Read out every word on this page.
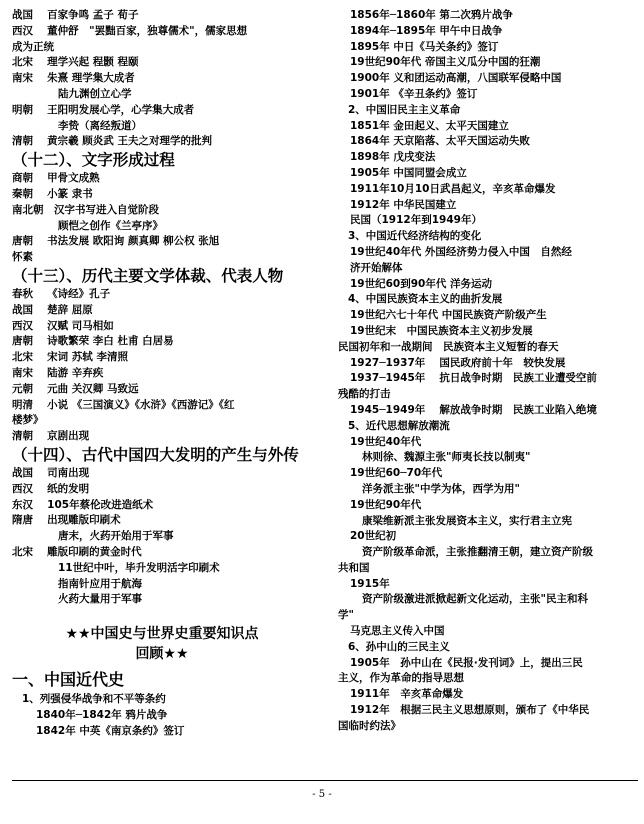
战国　 百家争鸣 孟子 荀子
西汉　 董仲舒　"罢黜百家，独尊儒术"，儒家思想
成为正统
北宋　 理学兴起 程颢 程颐
南宋　 朱熹 理学集大成者
陆九渊创立心学
明朝　 王阳明发展心学，心学集大成者
李贽（离经叛道）
清朝　 黄宗羲 顾炎武 王夫之对理学的批判
（十二）、文字形成过程
商朝　 甲骨文成熟
秦朝　 小篆 隶书
南北朝　汉字书写进入自觉阶段
顾恺之创作《兰亭序》
唐朝　 书法发展 欧阳询 颜真卿 柳公权 张旭
怀素
（十三）、历代主要文学体裁、代表人物
春秋　 《诗经》孔子
战国　 楚辞 屈原
西汉　 汉赋 司马相如
唐朝　 诗歌繁荣 李白 杜甫 白居易
北宋　 宋词 苏轼 李清照
南宋　 陆游 辛弃疾
元朝　 元曲 关汉卿 马致远
明清　 小说 《三国演义》《水浒》《西游记》《红
楼梦》
清朝　 京剧出现
（十四）、古代中国四大发明的产生与外传
战国　 司南出现
西汉　 纸的发明
东汉　 105年蔡伦改进造纸术
隋唐　 出现雕版印刷术
唐末，火药开始用于军事
北宋　 雕版印刷的黄金时代
11世纪中叶，毕升发明活字印刷术
指南针应用于航海
火药大量用于军事
★★中国史与世界史重要知识点
回顾★★
一、中国近代史
1、列强侵华战争和不平等条约
1840年─1842年 鸦片战争
1842年 中英《南京条约》签订
1856年─1860年 第二次鸦片战争
1894年─1895年 甲午中日战争
1895年 中日《马关条约》签订
19世纪90年代 帝国主义瓜分中国的狂潮
1900年 义和团运动高潮，八国联军侵略中国
1901年 《辛丑条约》签订
2、中国旧民主主义革命
1851年 金田起义、太平天国建立
1864年 天京陷落、太平天国运动失败
1898年 戊戌变法
1905年 中国同盟会成立
1911年10月10日武昌起义，辛亥革命爆发
1912年 中华民国建立
民国（1912年到1949年）
3、中国近代经济结构的变化
19世纪40年代 外国经济势力侵入中国　自然经
济开始解体
19世纪60到90年代 洋务运动
4、中国民族资本主义的曲折发展
19世纪六七十年代 中国民族资产阶级产生
19世纪末　中国民族资本主义初步发展
民国初年和一战期间　民族资本主义短暂的春天
1927─1937年　 国民政府前十年　较快发展
1937─1945年　 抗日战争时期　民族工业遭受空前
残酷的打击
1945─1949年　 解放战争时期　民族工业陷入绝境
5、近代思想解放潮流
19世纪40年代
林则徐、魏源主张"师夷长技以制夷"
19世纪60─70年代
洋务派主张"中学为体，西学为用"
19世纪90年代
康梁维新派主张发展资本主义，实行君主立宪
20世纪初
资产阶级革命派，主张推翻清王朝，建立资产阶级
共和国
1915年
资产阶级激进派掀起新文化运动，主张"民主和科
学"
马克思主义传入中国
6、孙中山的三民主义
1905年　孙中山在《民报·发刊词》上，提出三民
主义，作为革命的指导思想
1911年　辛亥革命爆发
1912年　根据三民主义思想原则，颁布了《中华民
国临时约法》
- 5 -
